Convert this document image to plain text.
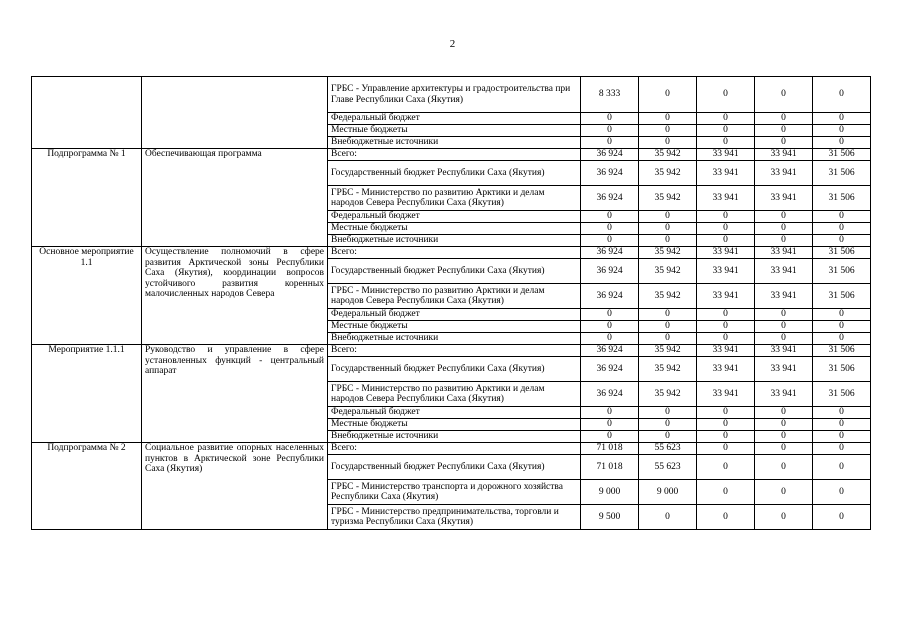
2
		ГРБС - Управление архитектуры и градостроительства при Главе Республики Саха (Якутия)	8 333	0	0	0	0
		Федеральный бюджет	0	0	0	0	0
		Местные бюджеты	0	0	0	0	0
		Внебюджетные источники	0	0	0	0	0
Подпрограмма № 1	Обеспечивающая программа	Всего:	36 924	35 942	33 941	33 941	31 506
		Государственный бюджет Республики Саха (Якутия)	36 924	35 942	33 941	33 941	31 506
		ГРБС - Министерство по развитию Арктики и делам народов Севера Республики Саха (Якутия)	36 924	35 942	33 941	33 941	31 506
		Федеральный бюджет	0	0	0	0	0
		Местные бюджеты	0	0	0	0	0
		Внебюджетные источники	0	0	0	0	0
Основное мероприятие 1.1	Осуществление полномочий в сфере развития Арктической зоны Республики Саха (Якутия), координации вопросов устойчивого развития коренных малочисленных народов Севера	Всего:	36 924	35 942	33 941	33 941	31 506
		Государственный бюджет Республики Саха (Якутия)	36 924	35 942	33 941	33 941	31 506
		ГРБС - Министерство по развитию Арктики и делам народов Севера Республики Саха (Якутия)	36 924	35 942	33 941	33 941	31 506
		Федеральный бюджет	0	0	0	0	0
		Местные бюджеты	0	0	0	0	0
		Внебюджетные источники	0	0	0	0	0
Мероприятие 1.1.1	Руководство и управление в сфере установленных функций - центральный аппарат	Всего:	36 924	35 942	33 941	33 941	31 506
		Государственный бюджет Республики Саха (Якутия)	36 924	35 942	33 941	33 941	31 506
		ГРБС - Министерство по развитию Арктики и делам народов Севера Республики Саха (Якутия)	36 924	35 942	33 941	33 941	31 506
		Федеральный бюджет	0	0	0	0	0
		Местные бюджеты	0	0	0	0	0
		Внебюджетные источники	0	0	0	0	0
Подпрограмма № 2	Социальное развитие опорных населенных пунктов в Арктической зоне Республики Саха (Якутия)	Всего:	71 018	55 623	0	0	0
		Государственный бюджет Республики Саха (Якутия)	71 018	55 623	0	0	0
		ГРБС - Министерство транспорта и дорожного хозяйства Республики Саха (Якутия)	9 000	9 000	0	0	0
		ГРБС - Министерство предпринимательства, торговли и туризма Республики Саха (Якутия)	9 500	0	0	0	0
